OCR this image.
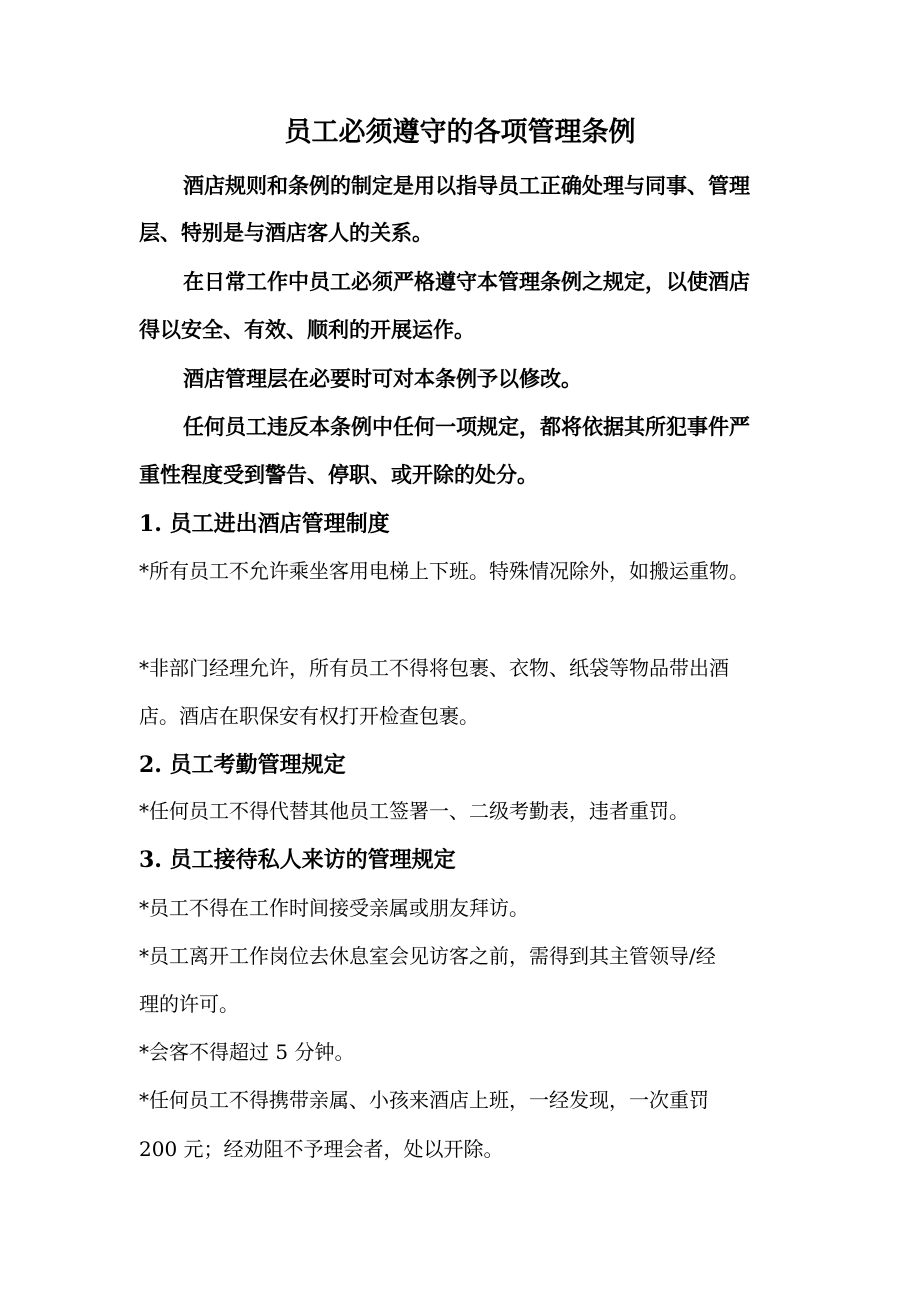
员工必须遵守的各项管理条例

酒店规则和条例的制定是用以指导员工正确处理与同事、管理

层、特别是与酒店客人的关系。

在日常工作中员工必须严格遵守本管理条例之规定，以使酒店

得以安全、有效、顺利的开展运作。

酒店管理层在必要时可对本条例予以修改。

任何员工违反本条例中任何一项规定，都将依据其所犯事件严

重性程度受到警告、停职、或开除的处分。

1. 员工进出酒店管理制度

*所有员工不允许乘坐客用电梯上下班。特殊情况除外，如搬运重物。

*非部门经理允许，所有员工不得将包裹、衣物、纸袋等物品带出酒

店。酒店在职保安有权打开检查包裹。

2. 员工考勤管理规定

*任何员工不得代替其他员工签署一、二级考勤表，违者重罚。

3. 员工接待私人来访的管理规定

*员工不得在工作时间接受亲属或朋友拜访。

*员工离开工作岗位去休息室会见访客之前，需得到其主管领导/经

理的许可。

*会客不得超过 5 分钟。

*任何员工不得携带亲属、小孩来酒店上班，一经发现，一次重罚

200 元；经劝阻不予理会者，处以开除。
